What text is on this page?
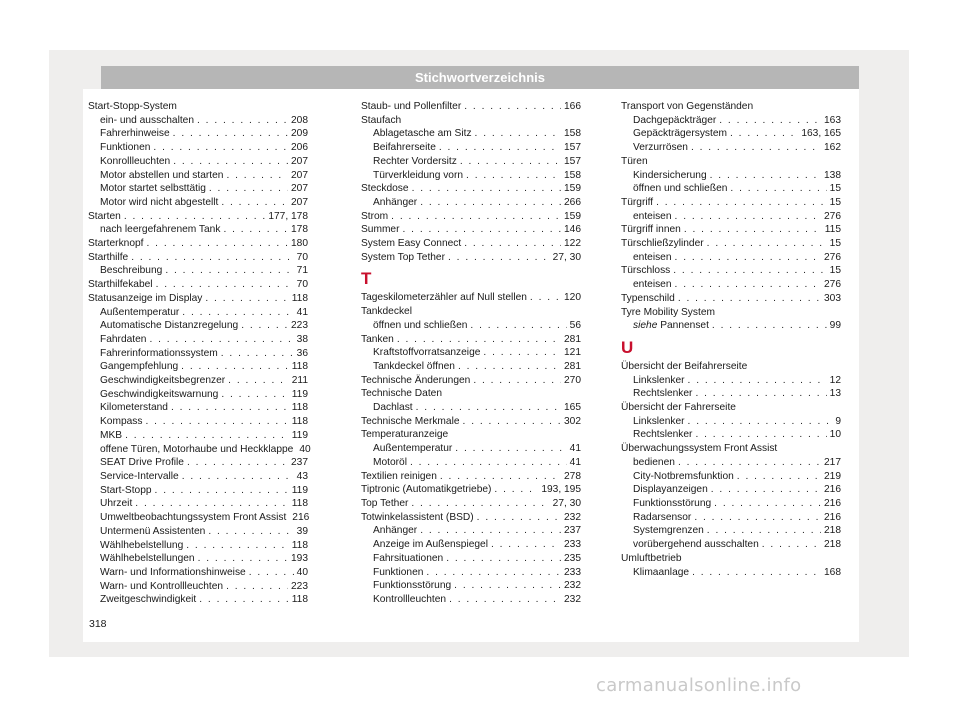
Stichwortverzeichnis
Start-Stopp-System
ein- und ausschalten . . .	208
Fahrerhinweise . . .	209
Funktionen . . .	206
Konrollleuchten . . .	207
Motor abstellen und starten . . .	207
Motor startet selbsttätig . . .	207
Motor wird nicht abgestellt . . .	207
Starten . . .	177, 178
nach leergefahrenem Tank . . .	178
Starterknopf . . .	180
Starthilfe . . .	70
Beschreibung . . .	71
Starthilfekabel . . .	70
Statusanzeige im Display . . .	118
Außentemperatur . . .	41
Automatische Distanzregelung . . .	223
Fahrdaten . . .	38
Fahrerinformationssystem . . .	36
Gangempfehlung . . .	118
Geschwindigkeitsbegrenzer . . .	211
Geschwindigkeitswarnung . . .	119
Kilometerstand . . .	118
Kompass . . .	118
MKB . . .	119
offene Türen, Motorhaube und Heckklappe 40
SEAT Drive Profile . . .	237
Service-Intervalle . . .	43
Start-Stopp . . .	119
Uhrzeit . . .	118
Umweltbeobachtungssystem Front Assist 216
Untermenü Assistenten . . .	39
Wählhebelstellung . . .	118
Wählhebelstellungen . . .	193
Warn- und Informationshinweise . . .	40
Warn- und Kontrollleuchten . . .	223
Zweitgeschwindigkeit . . .	118
Staub- und Pollenfilter . . .	166
Staufach
Ablagetasche am Sitz . . .	158
Beifahrerseite . . .	157
Rechter Vordersitz . . .	157
Türverkleidung vorn . . .	158
Steckdose . . .	159
Anhänger . . .	266
Strom . . .	159
Summer . . .	146
System Easy Connect . . .	122
System Top Tether . . .	27, 30
T
Tageskilometerzähler auf Null stellen . . .	120
Tankdeckel
öffnen und schließen . . .	56
Tanken . . .	281
Kraftstoffvorratsanzeige . . .	121
Tankdeckel öffnen . . .	281
Technische Änderungen . . .	270
Technische Daten
Dachlast . . .	165
Technische Merkmale . . .	302
Temperaturanzeige
Außentemperatur . . .	41
Motoröl . . .	41
Textilien reinigen . . .	278
Tiptronic (Automatikgetriebe) . . .	193, 195
Top Tether . . .	27, 30
Totwinkelassistent (BSD) . . .	232
Anhänger . . .	237
Anzeige im Außenspiegel . . .	233
Fahrsituationen . . .	235
Funktionen . . .	233
Funktionsstörung . . .	232
Kontrollleuchten . . .	232
Transport von Gegenständen
Dachgepäckträger . . .	163
Gepäckträgersystem . . .	163, 165
Verzurrösen . . .	162
Türen
Kindersicherung . . .	138
öffnen und schließen . . .	15
Türgriff . . .	15
enteisen . . .	276
Türgriff innen . . .	115
Türschließzylinder . . .	15
enteisen . . .	276
Türschloss . . .	15
enteisen . . .	276
Typenschild . . .	303
Tyre Mobility System
siehe Pannenset . . .	99
U
Übersicht der Beifahrerseite
Linkslenker . . .	12
Rechtslenker . . .	13
Übersicht der Fahrerseite
Linkslenker . . .	9
Rechtslenker . . .	10
Überwachungssystem Front Assist
bedienen . . .	217
City-Notbremsfunktion . . .	219
Displayanzeigen . . .	216
Funktionsstörung . . .	216
Radarsensor . . .	216
Systemgrenzen . . .	218
vorübergehend ausschalten . . .	218
Umluftbetrieb
Klimaanlage . . .	168
318
carmanualsonline.info
